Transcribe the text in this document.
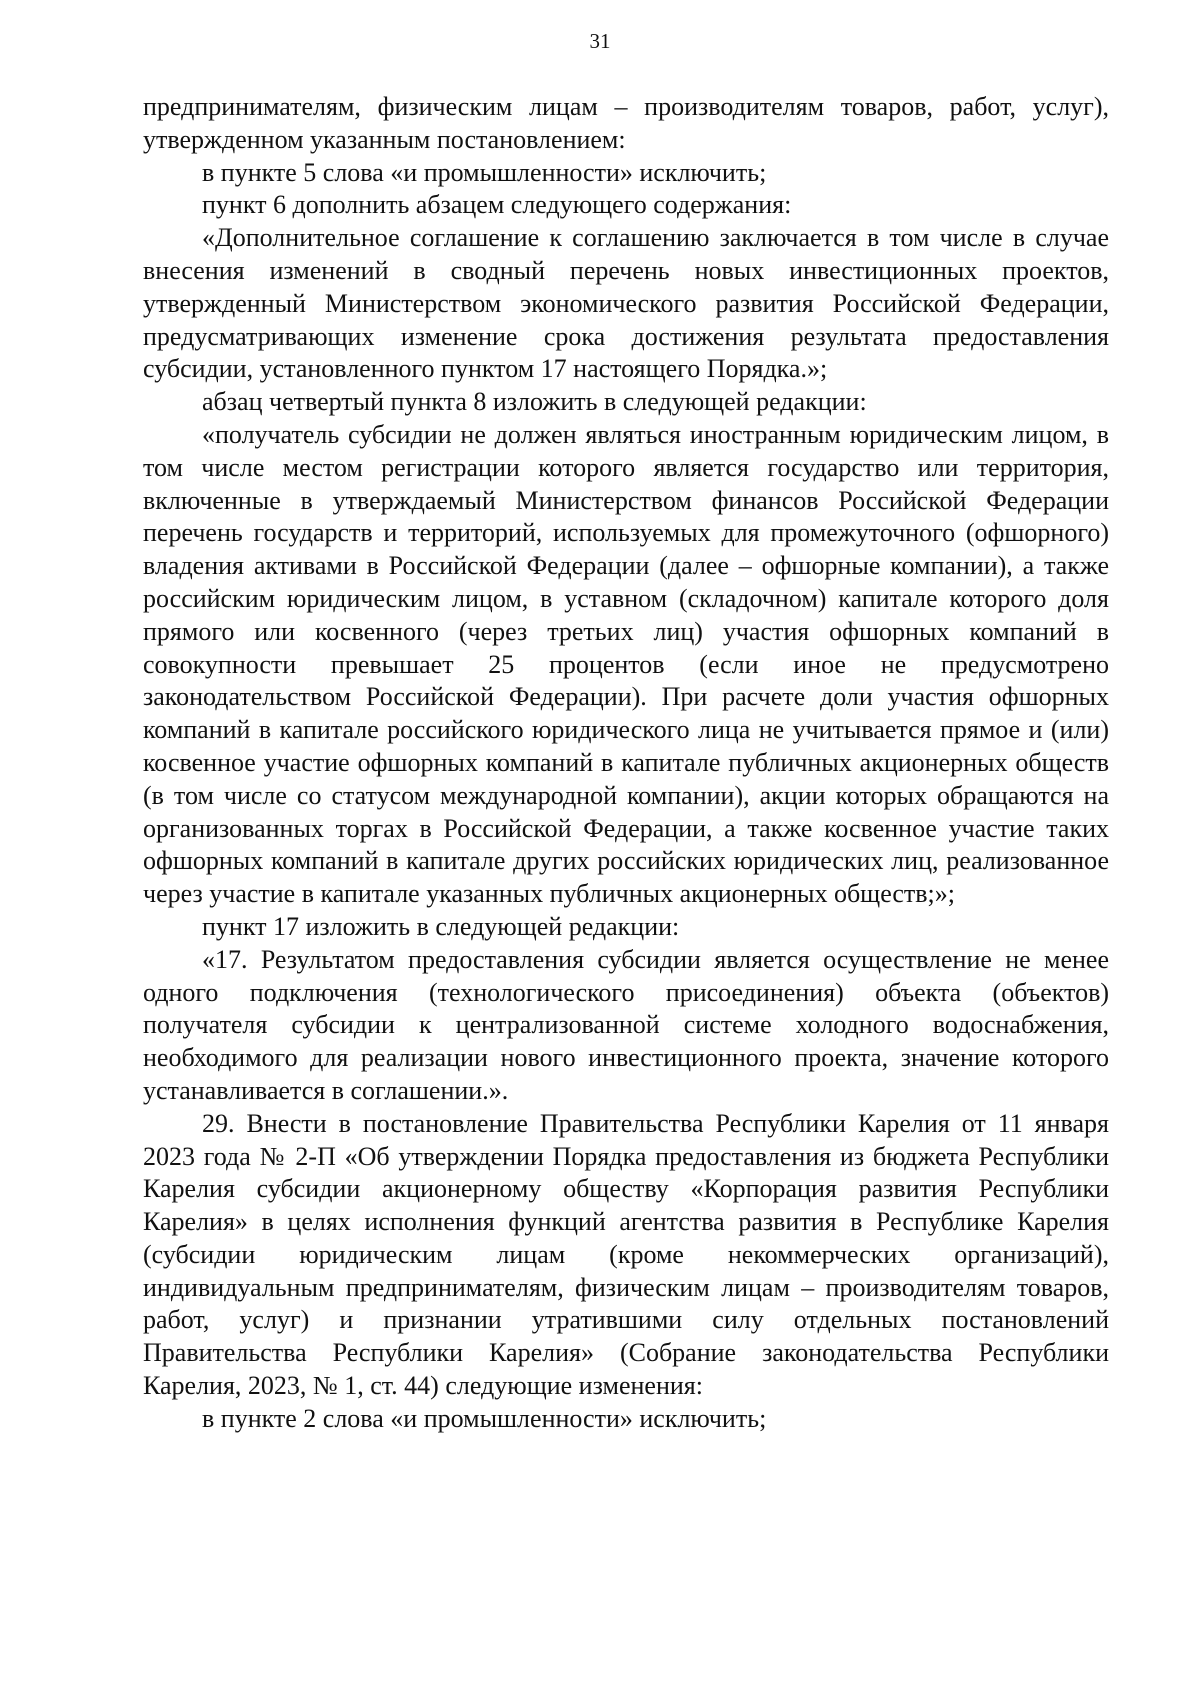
31

предпринимателям, физическим лицам – производителям товаров, работ, услуг), утвержденном указанным постановлением:

в пункте 5 слова «и промышленности» исключить;

пункт 6 дополнить абзацем следующего содержания:

«Дополнительное соглашение к соглашению заключается в том числе в случае внесения изменений в сводный перечень новых инвестиционных проектов, утвержденный Министерством экономического развития Российской Федерации, предусматривающих изменение срока достижения результата предоставления субсидии, установленного пунктом 17 настоящего Порядка.»;

абзац четвертый пункта 8 изложить в следующей редакции:

«получатель субсидии не должен являться иностранным юридическим лицом, в том числе местом регистрации которого является государство или территория, включенные в утверждаемый Министерством финансов Российской Федерации перечень государств и территорий, используемых для промежуточного (офшорного) владения активами в Российской Федерации (далее – офшорные компании), а также российским юридическим лицом, в уставном (складочном) капитале которого доля прямого или косвенного (через третьих лиц) участия офшорных компаний в совокупности превышает 25 процентов (если иное не предусмотрено законодательством Российской Федерации). При расчете доли участия офшорных компаний в капитале российского юридического лица не учитывается прямое и (или) косвенное участие офшорных компаний в капитале публичных акционерных обществ (в том числе со статусом международной компании), акции которых обращаются на организованных торгах в Российской Федерации, а также косвенное участие таких офшорных компаний в капитале других российских юридических лиц, реализованное через участие в капитале указанных публичных акционерных обществ;»;

пункт 17 изложить в следующей редакции:

«17. Результатом предоставления субсидии является осуществление не менее одного подключения (технологического присоединения) объекта (объектов) получателя субсидии к централизованной системе холодного водоснабжения, необходимого для реализации нового инвестиционного проекта, значение которого устанавливается в соглашении.».

29. Внести в постановление Правительства Республики Карелия от 11 января 2023 года № 2-П «Об утверждении Порядка предоставления из бюджета Республики Карелия субсидии акционерному обществу «Корпорация развития Республики Карелия» в целях исполнения функций агентства развития в Республике Карелия (субсидии юридическим лицам (кроме некоммерческих организаций), индивидуальным предпринимателям, физическим лицам – производителям товаров, работ, услуг) и признании утратившими силу отдельных постановлений Правительства Республики Карелия» (Собрание законодательства Республики Карелия, 2023, № 1, ст. 44) следующие изменения:

в пункте 2 слова «и промышленности» исключить;
